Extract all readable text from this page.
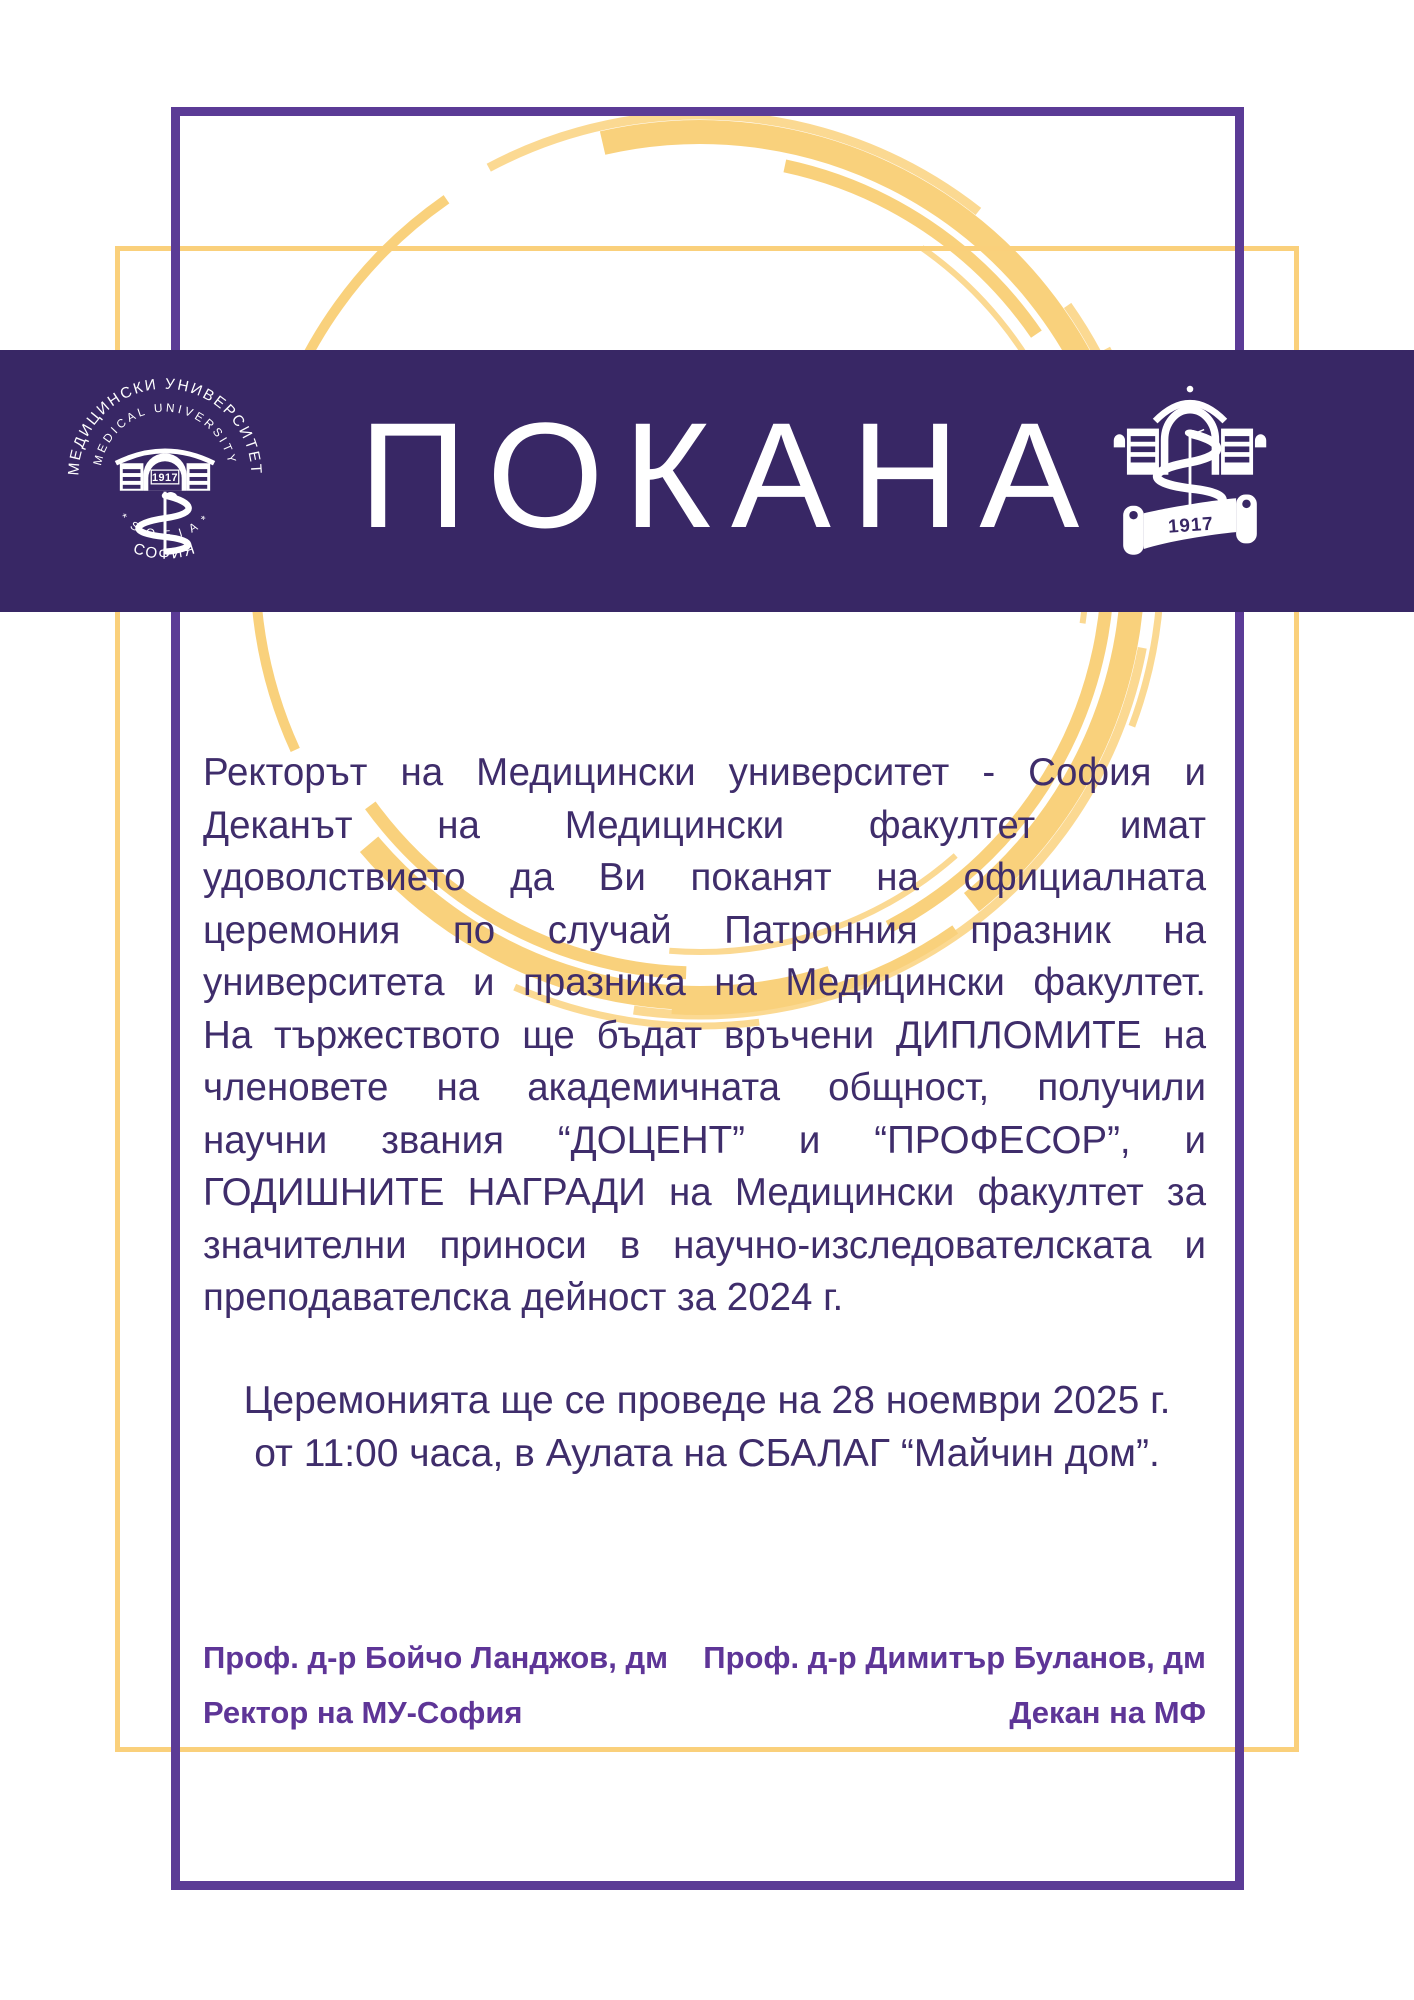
МЕДИЦИНСКИ УНИВЕРСИТЕТ
MEDICAL UNIVERSITY
* S O F I A *
СОФИЯ
1917 ПОКАНА	1917
Ректорът на Медицински университет - София и
Деканът на Медицински факултет имат
удоволствието да Ви поканят на официалната
церемония по случай Патронния празник на
университета и празника на Медицински факултет.
На тържеството ще бъдат връчени ДИПЛОМИТЕ на
членовете на академичната общност, получили
научни звания “ДОЦЕНТ” и “ПРОФЕСОР”, и
ГОДИШНИТЕ НАГРАДИ на Медицински факултет за
значителни приноси в научно-изследователската и
преподавателска дейност за 2024 г.
Церемонията ще се проведе на 28 ноември 2025 г.
от 11:00 часа, в Аулата на СБАЛАГ “Майчин дом”.
Проф. д-р Бойчо Ланджов, дм
Ректор на МУ-София
Проф. д-р Димитър Буланов, дм
Декан на МФ
